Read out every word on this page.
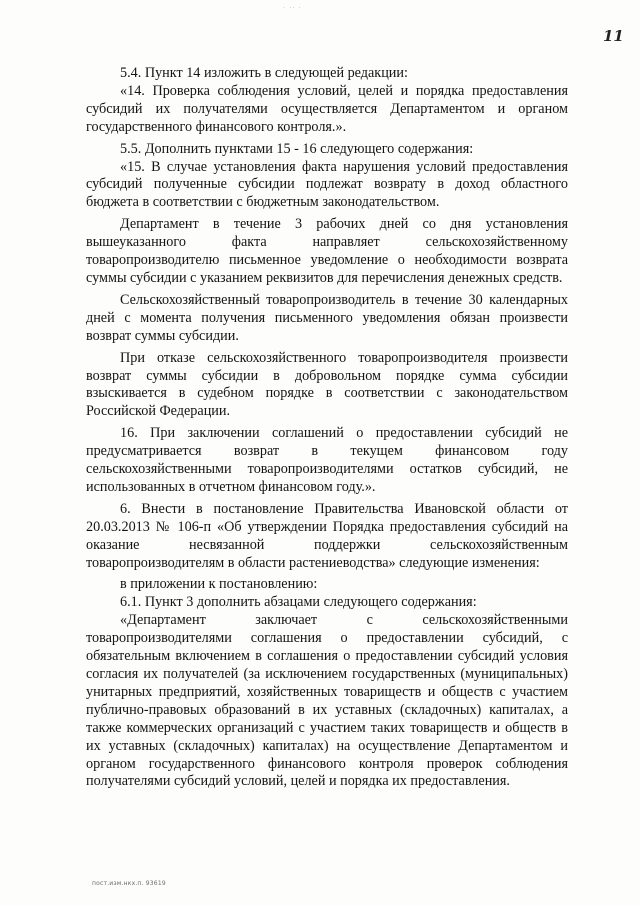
· ·· ·
11

5.4. Пункт 14 изложить в следующей редакции:

«14. Проверка соблюдения условий, целей и порядка предоставления субсидий их получателями осуществляется Департаментом и органом государственного финансового контроля.».

5.5. Дополнить пунктами 15 - 16 следующего содержания:

«15. В случае установления факта нарушения условий предоставления субсидий полученные субсидии подлежат возврату в доход областного бюджета в соответствии с бюджетным законодательством.

Департамент в течение 3 рабочих дней со дня установления вышеуказанного факта направляет сельскохозяйственному товаропроизводителю письменное уведомление о необходимости возврата суммы субсидии с указанием реквизитов для перечисления денежных средств.

Сельскохозяйственный товаропроизводитель в течение 30 календарных дней с момента получения письменного уведомления обязан произвести возврат суммы субсидии.

При отказе сельскохозяйственного товаропроизводителя произвести возврат суммы субсидии в добровольном порядке сумма субсидии взыскивается в судебном порядке в соответствии с законодательством Российской Федерации.

16. При заключении соглашений о предоставлении субсидий не предусматривается возврат в текущем финансовом году сельскохозяйственными товаропроизводителями остатков субсидий, не использованных в отчетном финансовом году.».

6. Внести в постановление Правительства Ивановской области от 20.03.2013 № 106-п «Об утверждении Порядка предоставления субсидий на оказание несвязанной поддержки сельскохозяйственным товаропроизводителям в области растениеводства» следующие изменения:

в приложении к постановлению:

6.1. Пункт 3 дополнить абзацами следующего содержания:

«Департамент заключает с сельскохозяйственными товаропроизводителями соглашения о предоставлении субсидий, с обязательным включением в соглашения о предоставлении субсидий условия согласия их получателей (за исключением государственных (муниципальных) унитарных предприятий, хозяйственных товариществ и обществ с участием публично-правовых образований в их уставных (складочных) капиталах, а также коммерческих организаций с участием таких товариществ и обществ в их уставных (складочных) капиталах) на осуществление Департаментом и органом государственного финансового контроля проверок соблюдения получателями субсидий условий, целей и порядка их предоставления.

пост.изм.нкх.п. 93619
